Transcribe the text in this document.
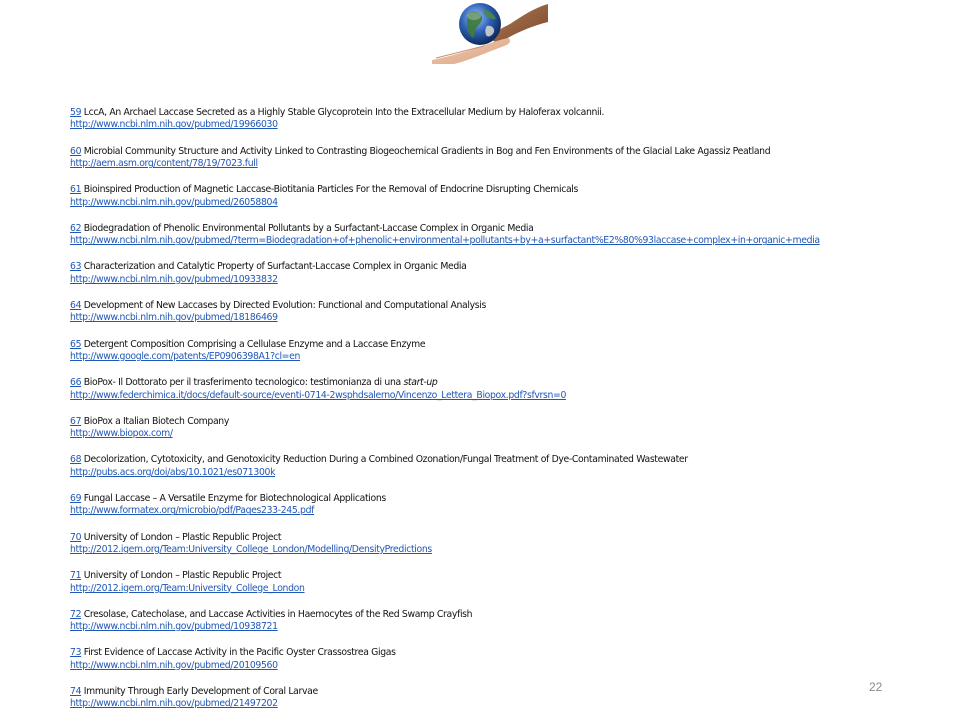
59 LccA, An Archael Laccase Secreted as a Highly Stable Glycoprotein Into the Extracellular Medium by Haloferax volcannii.
http://www.ncbi.nlm.nih.gov/pubmed/19966030
60 Microbial Community Structure and Activity Linked to Contrasting Biogeochemical Gradients in Bog and Fen Environments of the Glacial Lake Agassiz Peatland
http://aem.asm.org/content/78/19/7023.full
61 Bioinspired Production of Magnetic Laccase-Biotitania Particles For the Removal of Endocrine Disrupting Chemicals
http://www.ncbi.nlm.nih.gov/pubmed/26058804
62 Biodegradation of Phenolic Environmental Pollutants by a Surfactant-Laccase Complex in Organic Media
http://www.ncbi.nlm.nih.gov/pubmed/?term=Biodegradation+of+phenolic+environmental+pollutants+by+a+surfactant%E2%80%93laccase+complex+in+organic+media
63 Characterization and Catalytic Property of Surfactant-Laccase Complex in Organic Media
http://www.ncbi.nlm.nih.gov/pubmed/10933832
64 Development of New Laccases by Directed Evolution: Functional and Computational Analysis
http://www.ncbi.nlm.nih.gov/pubmed/18186469
65 Detergent Composition Comprising a Cellulase Enzyme and a Laccase Enzyme
http://www.google.com/patents/EP0906398A1?cl=en
66 BioPox- Il Dottorato per il trasferimento tecnologico: testimonianza di una start-up
http://www.federchimica.it/docs/default-source/eventi-0714-2wsphdsalerno/Vincenzo_Lettera_Biopox.pdf?sfvrsn=0
67 BioPox a Italian Biotech Company
http://www.biopox.com/
68 Decolorization, Cytotoxicity, and Genotoxicity Reduction During a Combined Ozonation/Fungal Treatment of Dye-Contaminated Wastewater
http://pubs.acs.org/doi/abs/10.1021/es071300k
69 Fungal Laccase – A Versatile Enzyme for Biotechnological Applications
http://www.formatex.org/microbio/pdf/Pages233-245.pdf
70 University of London – Plastic Republic Project
http://2012.igem.org/Team:University_College_London/Modelling/DensityPredictions
71 University of London – Plastic Republic Project
http://2012.igem.org/Team:University_College_London
72 Cresolase, Catecholase, and Laccase Activities in Haemocytes of the Red Swamp Crayfish
http://www.ncbi.nlm.nih.gov/pubmed/10938721
73 First Evidence of Laccase Activity in the Pacific Oyster Crassostrea Gigas
http://www.ncbi.nlm.nih.gov/pubmed/20109560
74 Immunity Through Early Development of Coral Larvae
http://www.ncbi.nlm.nih.gov/pubmed/21497202
22
